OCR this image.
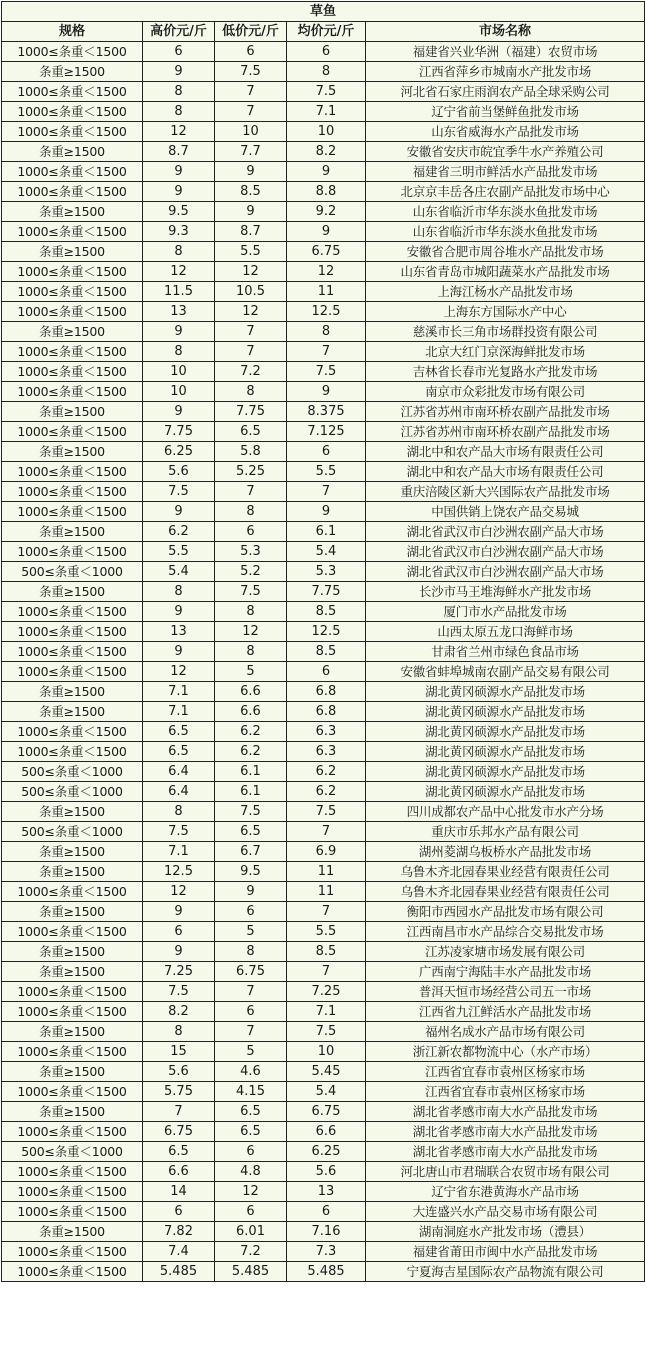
草鱼				
规格	高价元/斤	低价元/斤	均价元/斤	市场名称
1000≤条重＜1500	6	6	6	福建省兴业华洲（福建）农贸市场
条重≥1500	9	7.5	8	江西省萍乡市城南水产批发市场
1000≤条重＜1500	8	7	7.5	河北省石家庄雨润农产品全球采购公司
1000≤条重＜1500	8	7	7.1	辽宁省前当堡鲜鱼批发市场
1000≤条重＜1500	12	10	10	山东省威海水产品批发市场
条重≥1500	8.7	7.7	8.2	安徽省安庆市皖宜季牛水产养殖公司
1000≤条重＜1500	9	9	9	福建省三明市鲜活水产品批发市场
1000≤条重＜1500	9	8.5	8.8	北京京丰岳各庄农副产品批发市场中心
条重≥1500	9.5	9	9.2	山东省临沂市华东淡水鱼批发市场
1000≤条重＜1500	9.3	8.7	9	山东省临沂市华东淡水鱼批发市场
条重≥1500	8	5.5	6.75	安徽省合肥市周谷堆水产品批发市场
1000≤条重＜1500	12	12	12	山东省青岛市城阳蔬菜水产品批发市场
1000≤条重＜1500	11.5	10.5	11	上海江杨水产品批发市场
1000≤条重＜1500	13	12	12.5	上海东方国际水产中心
条重≥1500	9	7	8	慈溪市长三角市场群投资有限公司
1000≤条重＜1500	8	7	7	北京大红门京深海鲜批发市场
1000≤条重＜1500	10	7.2	7.5	吉林省长春市光复路水产批发市场
1000≤条重＜1500	10	8	9	南京市众彩批发市场有限公司
条重≥1500	9	7.75	8.375	江苏省苏州市南环桥农副产品批发市场
1000≤条重＜1500	7.75	6.5	7.125	江苏省苏州市南环桥农副产品批发市场
条重≥1500	6.25	5.8	6	湖北中和农产品大市场有限责任公司
1000≤条重＜1500	5.6	5.25	5.5	湖北中和农产品大市场有限责任公司
1000≤条重＜1500	7.5	7	7	重庆涪陵区新大兴国际农产品批发市场
1000≤条重＜1500	9	8	9	中国供销上饶农产品交易城
条重≥1500	6.2	6	6.1	湖北省武汉市白沙洲农副产品大市场
1000≤条重＜1500	5.5	5.3	5.4	湖北省武汉市白沙洲农副产品大市场
500≤条重＜1000	5.4	5.2	5.3	湖北省武汉市白沙洲农副产品大市场
条重≥1500	8	7.5	7.75	长沙市马王堆海鲜水产批发市场
1000≤条重＜1500	9	8	8.5	厦门市水产品批发市场
1000≤条重＜1500	13	12	12.5	山西太原五龙口海鲜市场
1000≤条重＜1500	9	8	8.5	甘肃省兰州市绿色食品市场
1000≤条重＜1500	12	5	6	安徽省蚌埠城南农副产品交易有限公司
条重≥1500	7.1	6.6	6.8	湖北黄冈硕源水产品批发市场
条重≥1500	7.1	6.6	6.8	湖北黄冈硕源水产品批发市场
1000≤条重＜1500	6.5	6.2	6.3	湖北黄冈硕源水产品批发市场
1000≤条重＜1500	6.5	6.2	6.3	湖北黄冈硕源水产品批发市场
500≤条重＜1000	6.4	6.1	6.2	湖北黄冈硕源水产品批发市场
500≤条重＜1000	6.4	6.1	6.2	湖北黄冈硕源水产品批发市场
条重≥1500	8	7.5	7.5	四川成都农产品中心批发市水产分场
500≤条重＜1000	7.5	6.5	7	重庆市乐邦水产品有限公司
条重≥1500	7.1	6.7	6.9	湖州菱湖乌板桥水产品批发市场
条重≥1500	12.5	9.5	11	乌鲁木齐北园春果业经营有限责任公司
1000≤条重＜1500	12	9	11	乌鲁木齐北园春果业经营有限责任公司
条重≥1500	9	6	7	衡阳市西园水产品批发市场有限公司
1000≤条重＜1500	6	5	5.5	江西南昌市水产品综合交易批发市场
条重≥1500	9	8	8.5	江苏凌家塘市场发展有限公司
条重≥1500	7.25	6.75	7	广西南宁海陆丰水产品批发市场
1000≤条重＜1500	7.5	7	7.25	普洱天恒市场经营公司五一市场
1000≤条重＜1500	8.2	6	7.1	江西省九江鲜活水产品批发市场
条重≥1500	8	7	7.5	福州名成水产品市场有限公司
1000≤条重＜1500	15	5	10	浙江新农都物流中心（水产市场）
条重≥1500	5.6	4.6	5.45	江西省宜春市袁州区杨家市场
1000≤条重＜1500	5.75	4.15	5.4	江西省宜春市袁州区杨家市场
条重≥1500	7	6.5	6.75	湖北省孝感市南大水产品批发市场
1000≤条重＜1500	6.75	6.5	6.6	湖北省孝感市南大水产品批发市场
500≤条重＜1000	6.5	6	6.25	湖北省孝感市南大水产品批发市场
1000≤条重＜1500	6.6	4.8	5.6	河北唐山市君瑞联合农贸市场有限公司
1000≤条重＜1500	14	12	13	辽宁省东港黄海水产品市场
1000≤条重＜1500	6	6	6	大连盛兴水产品交易市场有限公司
条重≥1500	7.82	6.01	7.16	湖南洞庭水产批发市场（澧县）
1000≤条重＜1500	7.4	7.2	7.3	福建省莆田市闽中水产品批发市场
1000≤条重＜1500	5.485	5.485	5.485	宁夏海吉星国际农产品物流有限公司
